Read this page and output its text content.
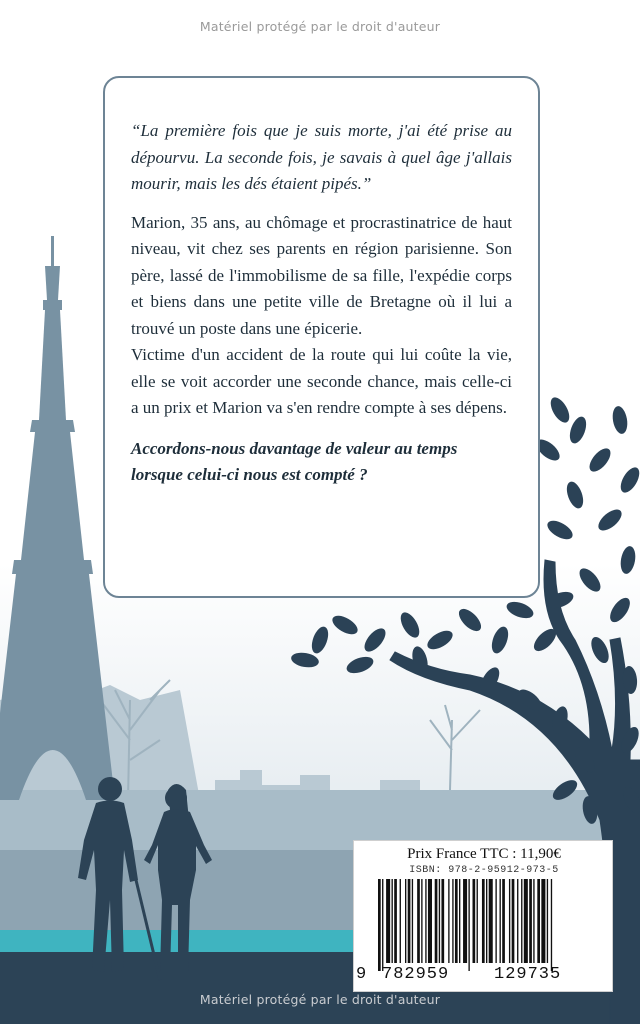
Matériel protégé par le droit d'auteur

“La première fois que je suis morte, j'ai été prise au dépourvu. La seconde fois, je savais à quel âge j'allais mourir, mais les dés étaient pipés.”

Marion, 35 ans, au chômage et procrastinatrice de haut niveau, vit chez ses parents en région parisienne. Son père, lassé de l'immobilisme de sa fille, l'expédie corps et biens dans une petite ville de Bretagne où il lui a trouvé un poste dans une épicerie.

Victime d'un accident de la route qui lui coûte la vie, elle se voit accorder une seconde chance, mais celle-ci a un prix et Marion va s'en rendre compte à ses dépens.

Accordons-nous davantage de valeur au temps lorsque celui-ci nous est compté ?

Prix France TTC : 11,90€
ISBN: 978-2-95912-973-5
9 782959	129735
Matériel protégé par le droit d'auteur
